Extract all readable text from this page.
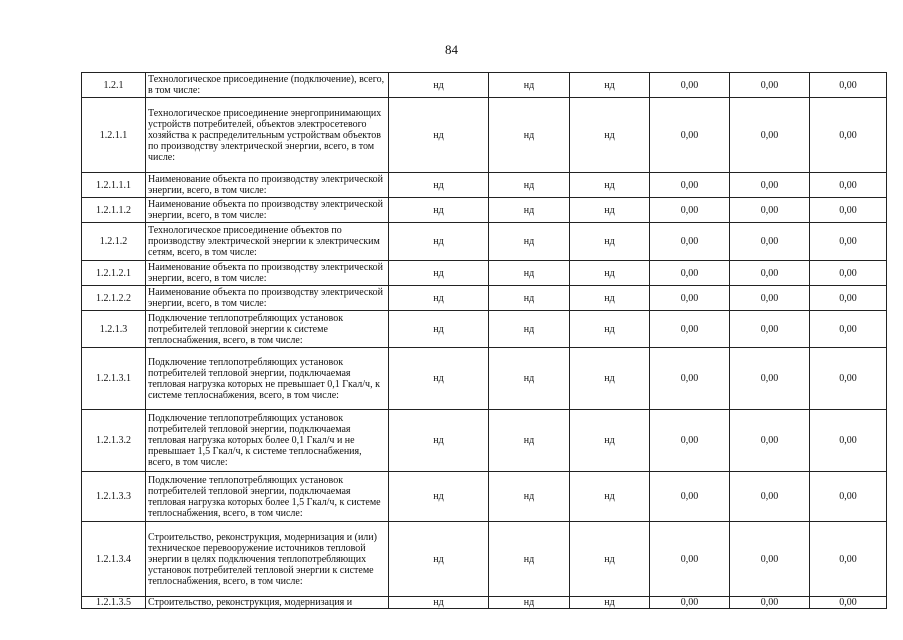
84
1.2.1	Технологическое присоединение (подключение), всего, в том числе:	нд	нд	нд	0,00	0,00	0,00
1.2.1.1	Технологическое присоединение энергопринимающих устройств потребителей, объектов электросетевого хозяйства к распределительным устройствам объектов по производству электрической энергии, всего, в том числе:	нд	нд	нд	0,00	0,00	0,00
1.2.1.1.1	Наименование объекта по производству электрической энергии, всего, в том числе:	нд	нд	нд	0,00	0,00	0,00
1.2.1.1.2	Наименование объекта по производству электрической энергии, всего, в том числе:	нд	нд	нд	0,00	0,00	0,00
1.2.1.2	Технологическое присоединение объектов по производству электрической энергии к электрическим сетям, всего, в том числе:	нд	нд	нд	0,00	0,00	0,00
1.2.1.2.1	Наименование объекта по производству электрической энергии, всего, в том числе:	нд	нд	нд	0,00	0,00	0,00
1.2.1.2.2	Наименование объекта по производству электрической энергии, всего, в том числе:	нд	нд	нд	0,00	0,00	0,00
1.2.1.3	Подключение теплопотребляющих установок потребителей тепловой энергии к системе теплоснабжения, всего, в том числе:	нд	нд	нд	0,00	0,00	0,00
1.2.1.3.1	Подключение теплопотребляющих установок потребителей тепловой энергии, подключаемая тепловая нагрузка которых не превышает 0,1 Гкал/ч, к системе теплоснабжения, всего, в том числе:	нд	нд	нд	0,00	0,00	0,00
1.2.1.3.2	Подключение теплопотребляющих установок потребителей тепловой энергии, подключаемая тепловая нагрузка которых более 0,1 Гкал/ч и не превышает 1,5 Гкал/ч, к системе теплоснабжения, всего, в том числе:	нд	нд	нд	0,00	0,00	0,00
1.2.1.3.3	Подключение теплопотребляющих установок потребителей тепловой энергии, подключаемая тепловая нагрузка которых более 1,5 Гкал/ч, к системе теплоснабжения, всего, в том числе:	нд	нд	нд	0,00	0,00	0,00
1.2.1.3.4	Строительство, реконструкция, модернизация и (или) техническое перевооружение источников тепловой энергии в целях подключения теплопотребляющих установок потребителей тепловой энергии к системе теплоснабжения, всего, в том числе:	нд	нд	нд	0,00	0,00	0,00
1.2.1.3.5	Строительство, реконструкция, модернизация и	нд	нд	нд	0,00	0,00	0,00
